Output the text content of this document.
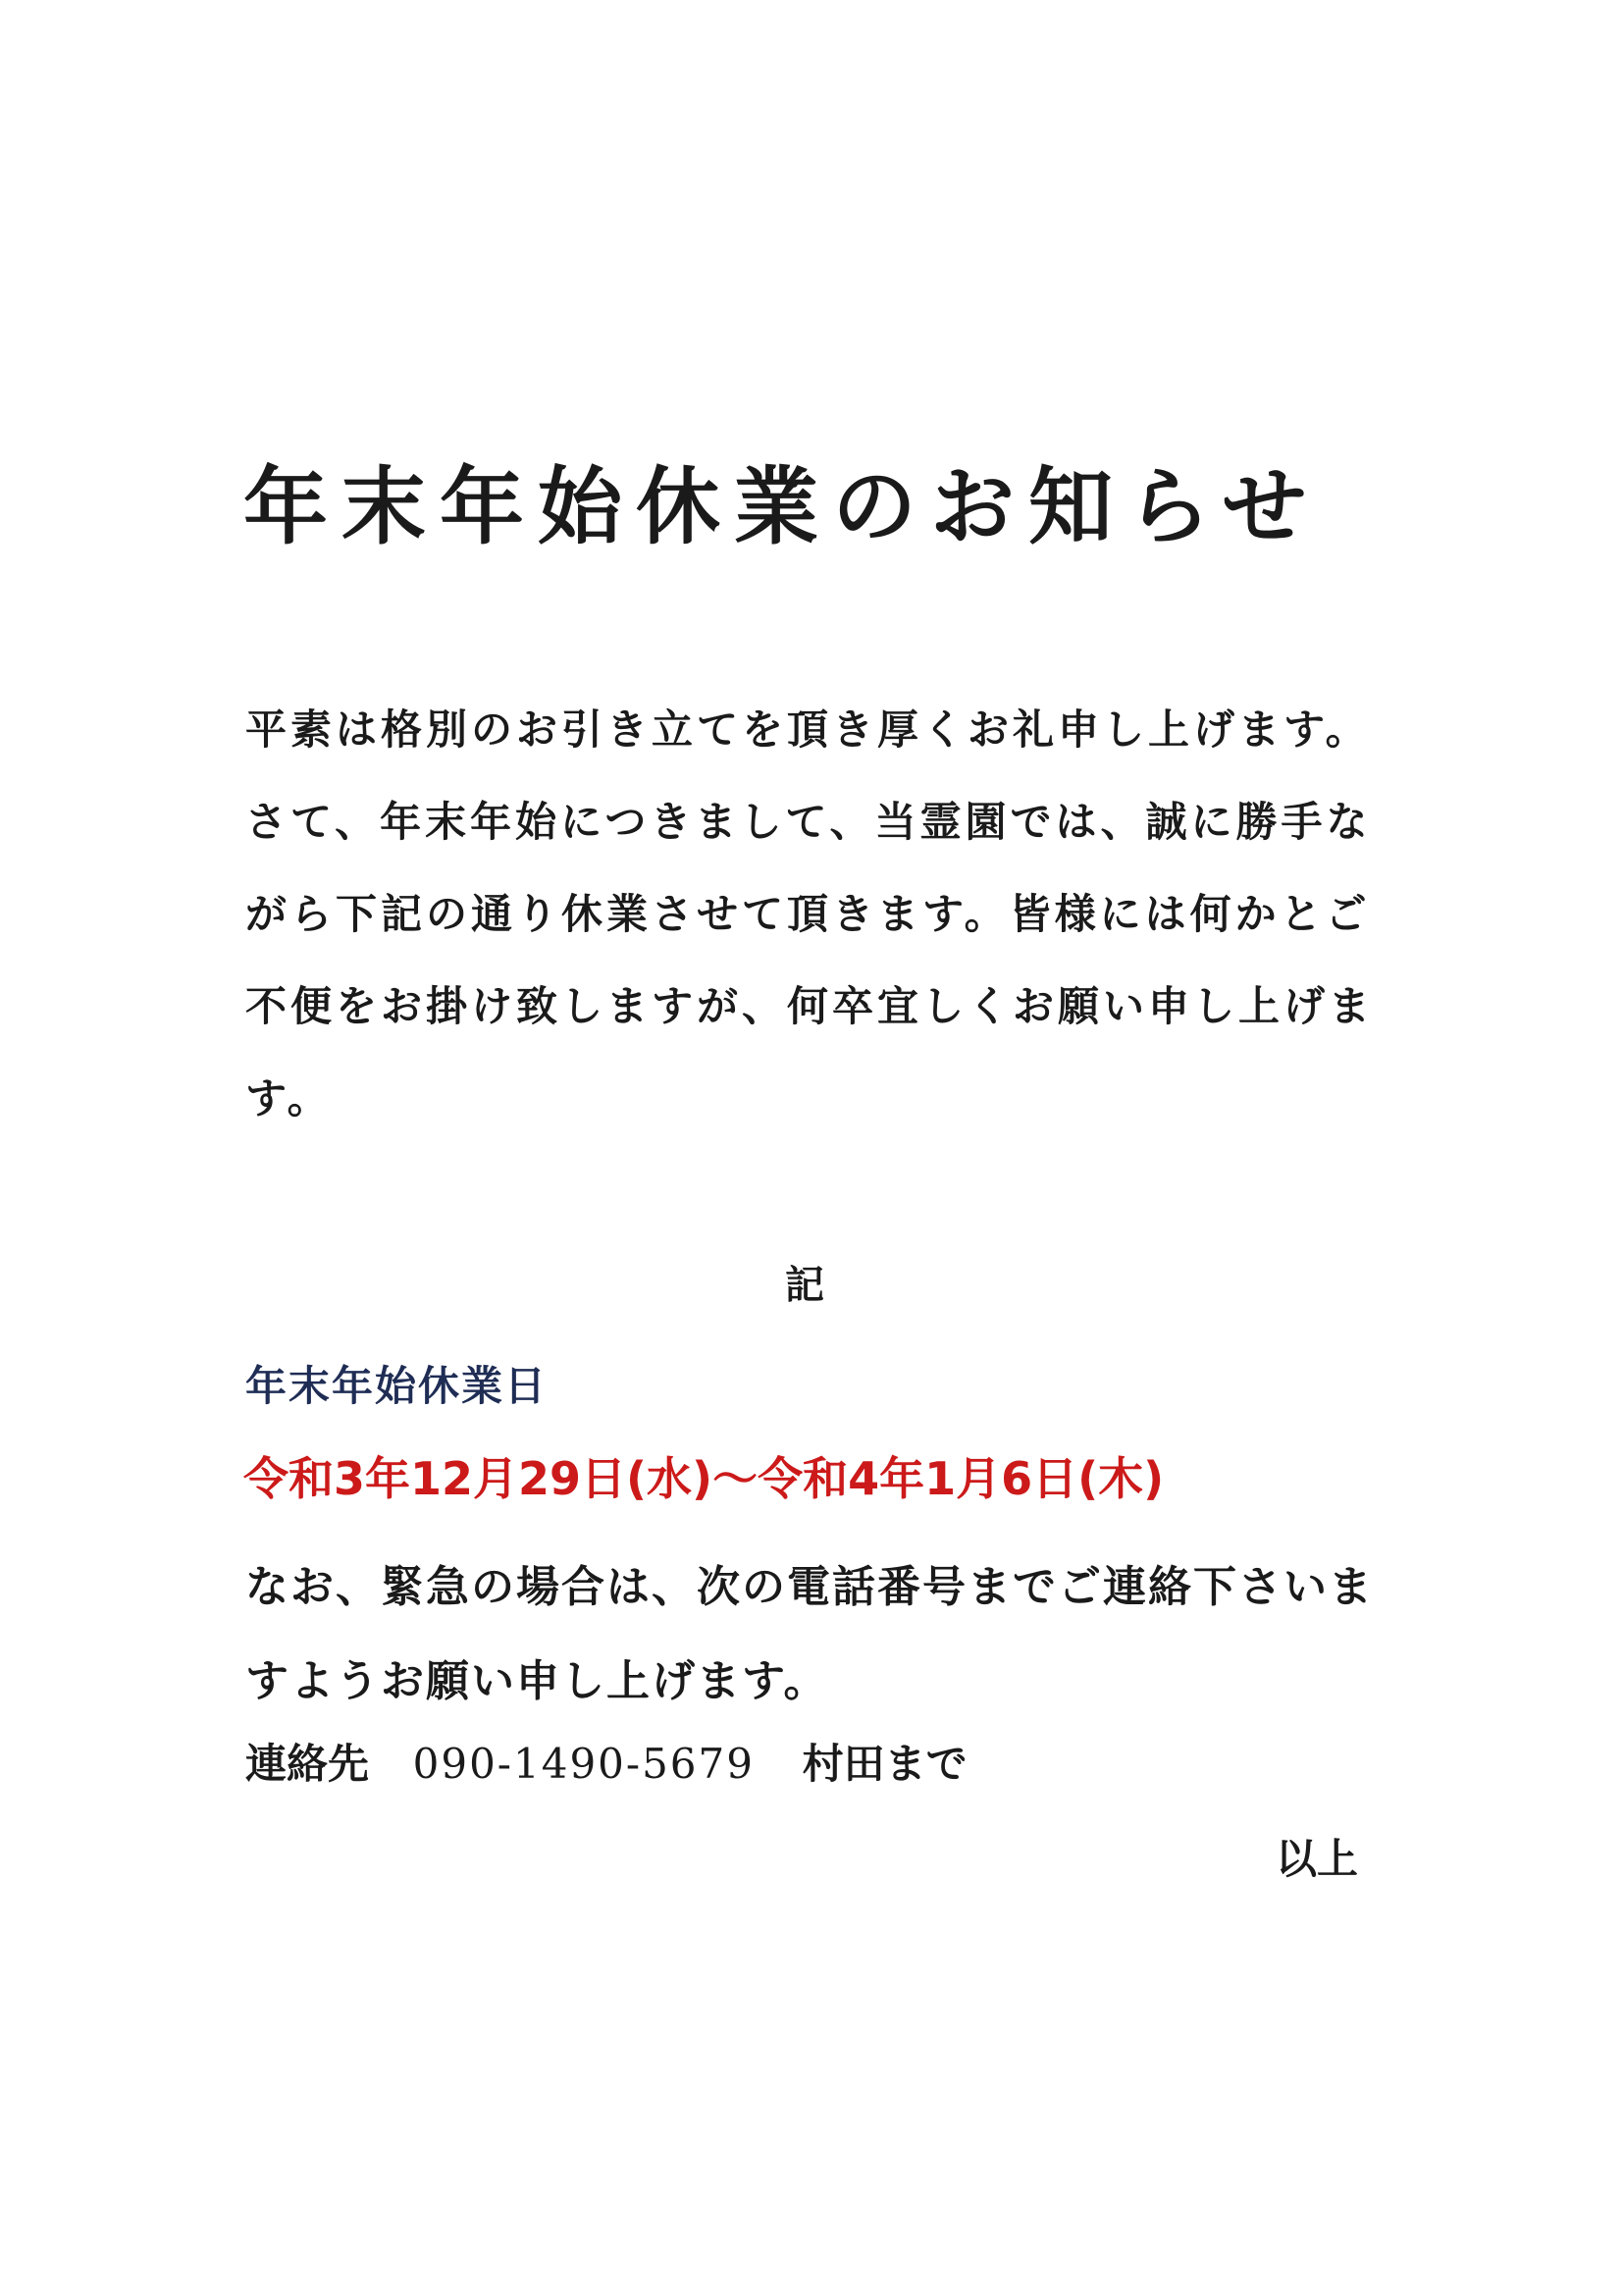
年末年始休業のお知らせ
平素は格別のお引き立てを頂き厚くお礼申し上げます。
さて、年末年始につきまして、当霊園では、誠に勝手な
がら下記の通り休業させて頂きます。皆様には何かとご
不便をお掛け致しますが、何卒宜しくお願い申し上げま
す。
記
年末年始休業日
令和3年12月29日(水)～令和4年1月6日(木)
なお、緊急の場合は、次の電話番号までご連絡下さいま
すようお願い申し上げます。
連絡先 090-1490-5679 村田まで
以上
